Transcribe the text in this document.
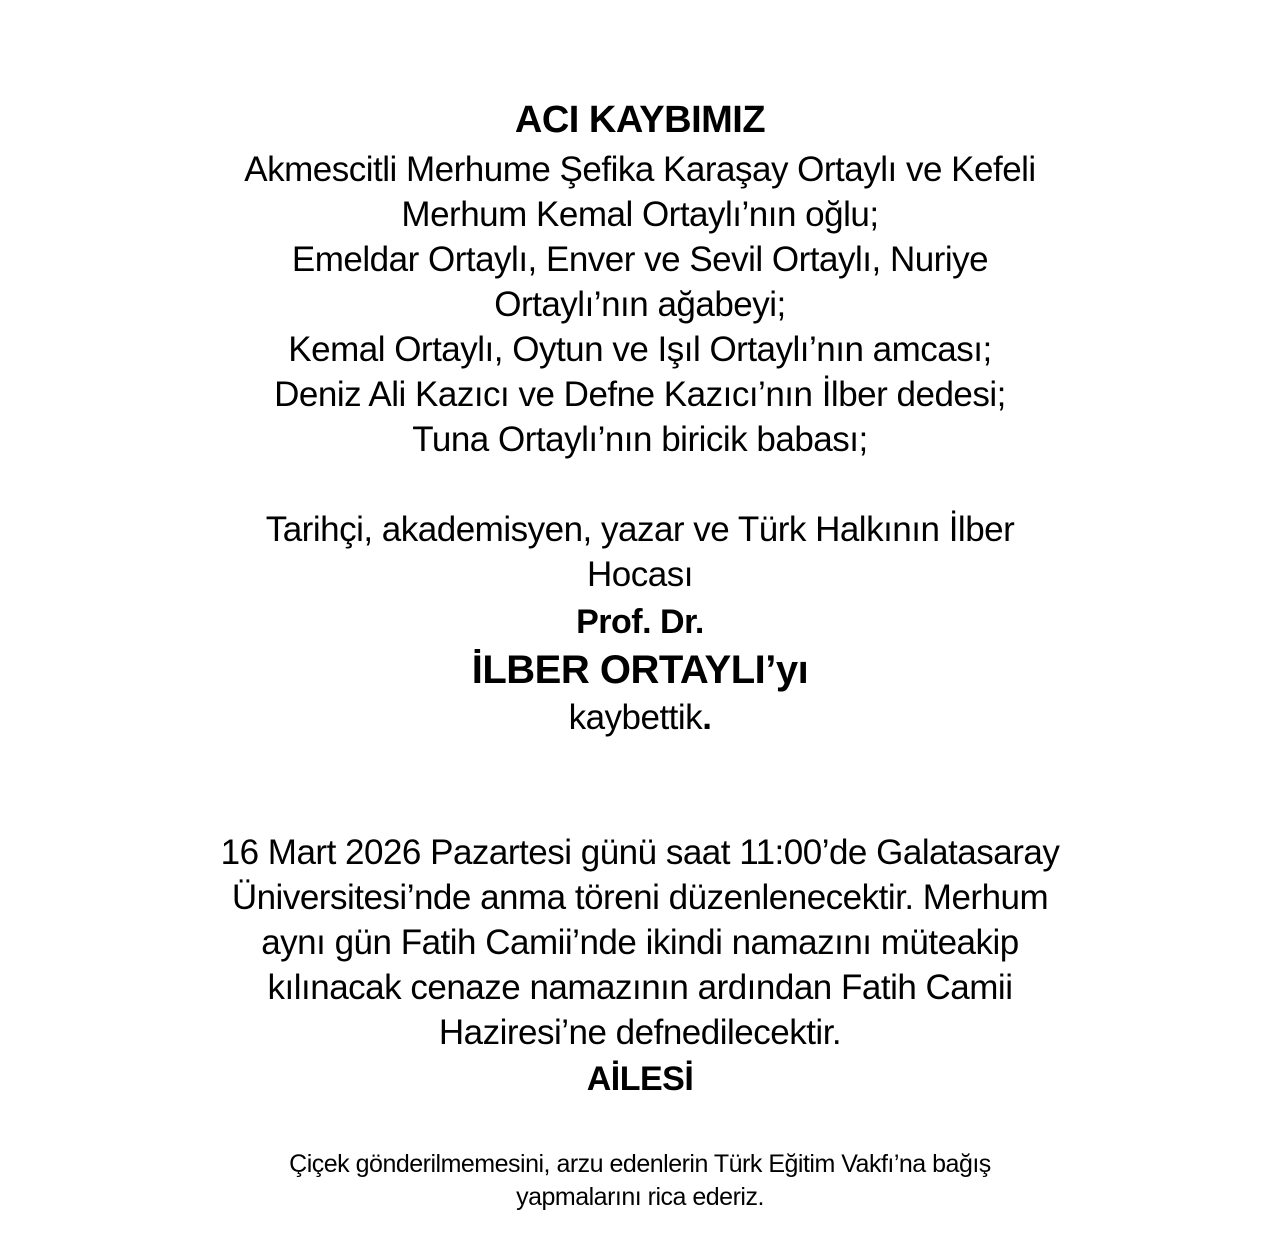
ACI KAYBIMIZ
Akmescitli Merhume Şefika Karaşay Ortaylı ve Kefeli
Merhum Kemal Ortaylı’nın oğlu;
Emeldar Ortaylı, Enver ve Sevil Ortaylı, Nuriye
Ortaylı’nın ağabeyi;
Kemal Ortaylı, Oytun ve Işıl Ortaylı’nın amcası;
Deniz Ali Kazıcı ve Defne Kazıcı’nın İlber dedesi;
Tuna Ortaylı’nın biricik babası;
Tarihçi, akademisyen, yazar ve Türk Halkının İlber
Hocası
Prof. Dr.
İLBER ORTAYLI’yı
kaybettik.
16 Mart 2026 Pazartesi günü saat 11:00’de Galatasaray
Üniversitesi’nde anma töreni düzenlenecektir. Merhum
aynı gün Fatih Camii’nde ikindi namazını müteakip
kılınacak cenaze namazının ardından Fatih Camii
Haziresi’ne defnedilecektir.
AİLESİ
Çiçek gönderilmemesini, arzu edenlerin Türk Eğitim Vakfı’na bağış
yapmalarını rica ederiz.
